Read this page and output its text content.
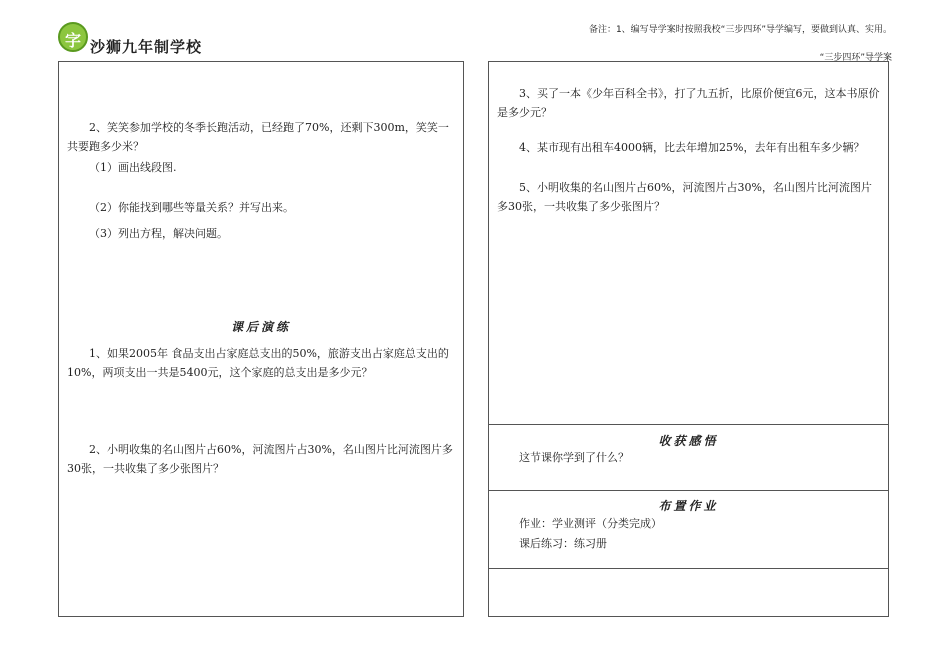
字 沙狮九年制学校
备注：1、编写导学案时按照我校“三步四环”导学编写，要做到认真、实用。
“三步四环”导学案

2、笑笑参加学校的冬季长跑活动，已经跑了70%，还剩下300m，笑笑一共要跑多少米？

（1）画出线段图.

（2）你能找到哪些等量关系？并写出来。

（3）列出方程，解决问题。

课后演练

1、如果2005年 食品支出占家庭总支出的50%，旅游支出占家庭总支出的10%，两项支出一共是5400元，这个家庭的总支出是多少元？

2、小明收集的名山图片占60%，河流图片占30%，名山图片比河流图片多30张，一共收集了多少张图片？

3、买了一本《少年百科全书》，打了九五折，比原价便宜6元，这本书原价是多少元？

4、某市现有出租车4000辆，比去年增加25%，去年有出租车多少辆？

5、小明收集的名山图片占60%，河流图片占30%，名山图片比河流图片多30张，一共收集了多少张图片？

收获感悟

这节课你学到了什么？

布置作业

作业：学业测评（分类完成）

课后练习：练习册
